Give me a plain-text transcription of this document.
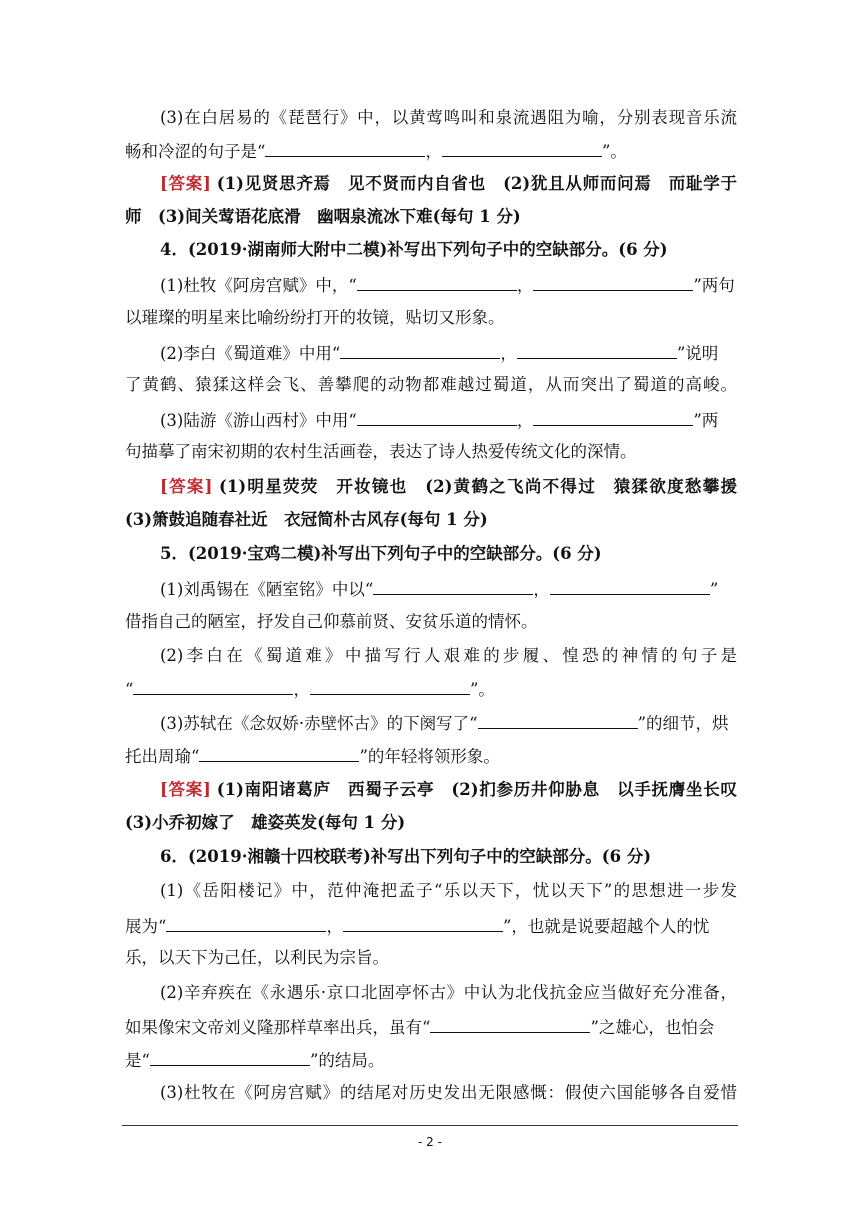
(3)在白居易的《琵琶行》中，以黄莺鸣叫和泉流遇阻为喻，分别表现音乐流
畅和冷涩的句子是“	，	”。
[答案] (1)见贤思齐焉　见不贤而内自省也　(2)犹且从师而问焉　而耻学于
师　(3)间关莺语花底滑　幽咽泉流冰下难(每句 1 分)
4．(2019·湖南师大附中二模)补写出下列句子中的空缺部分。(6 分)
(1)杜牧《阿房宫赋》中，“	，	”两句
以璀璨的明星来比喻纷纷打开的妆镜，贴切又形象。
(2)李白《蜀道难》中用“	，	”说明
了黄鹤、猿猱这样会飞、善攀爬的动物都难越过蜀道，从而突出了蜀道的高峻。
(3)陆游《游山西村》中用“	，	”两
句描摹了南宋初期的农村生活画卷，表达了诗人热爱传统文化的深情。
[答案] (1)明星荧荧　开妆镜也　(2)黄鹤之飞尚不得过　猿猱欲度愁攀援
(3)箫鼓追随春社近　衣冠简朴古风存(每句 1 分)
5．(2019·宝鸡二模)补写出下列句子中的空缺部分。(6 分)
(1)刘禹锡在《陋室铭》中以“	，	”
借指自己的陋室，抒发自己仰慕前贤、安贫乐道的情怀。
(2)李白在《蜀道难》中描写行人艰难的步履、惶恐的神情的句子是
“	，	”。
(3)苏轼在《念奴娇·赤壁怀古》的下阕写了“	”的细节，烘
托出周瑜“	”的年轻将领形象。
[答案] (1)南阳诸葛庐　西蜀子云亭　(2)扪参历井仰胁息　以手抚膺坐长叹
(3)小乔初嫁了　雄姿英发(每句 1 分)
6．(2019·湘赣十四校联考)补写出下列句子中的空缺部分。(6 分)
(1)《岳阳楼记》中，范仲淹把孟子“乐以天下，忧以天下”的思想进一步发
展为“	，	”，也就是说要超越个人的忧
乐，以天下为己任，以利民为宗旨。
(2)辛弃疾在《永遇乐·京口北固亭怀古》中认为北伐抗金应当做好充分准备，
如果像宋文帝刘义隆那样草率出兵，虽有“	”之雄心，也怕会
是“	”的结局。
(3)杜牧在《阿房宫赋》的结尾对历史发出无限感慨：假使六国能够各自爱惜
- 2 -
